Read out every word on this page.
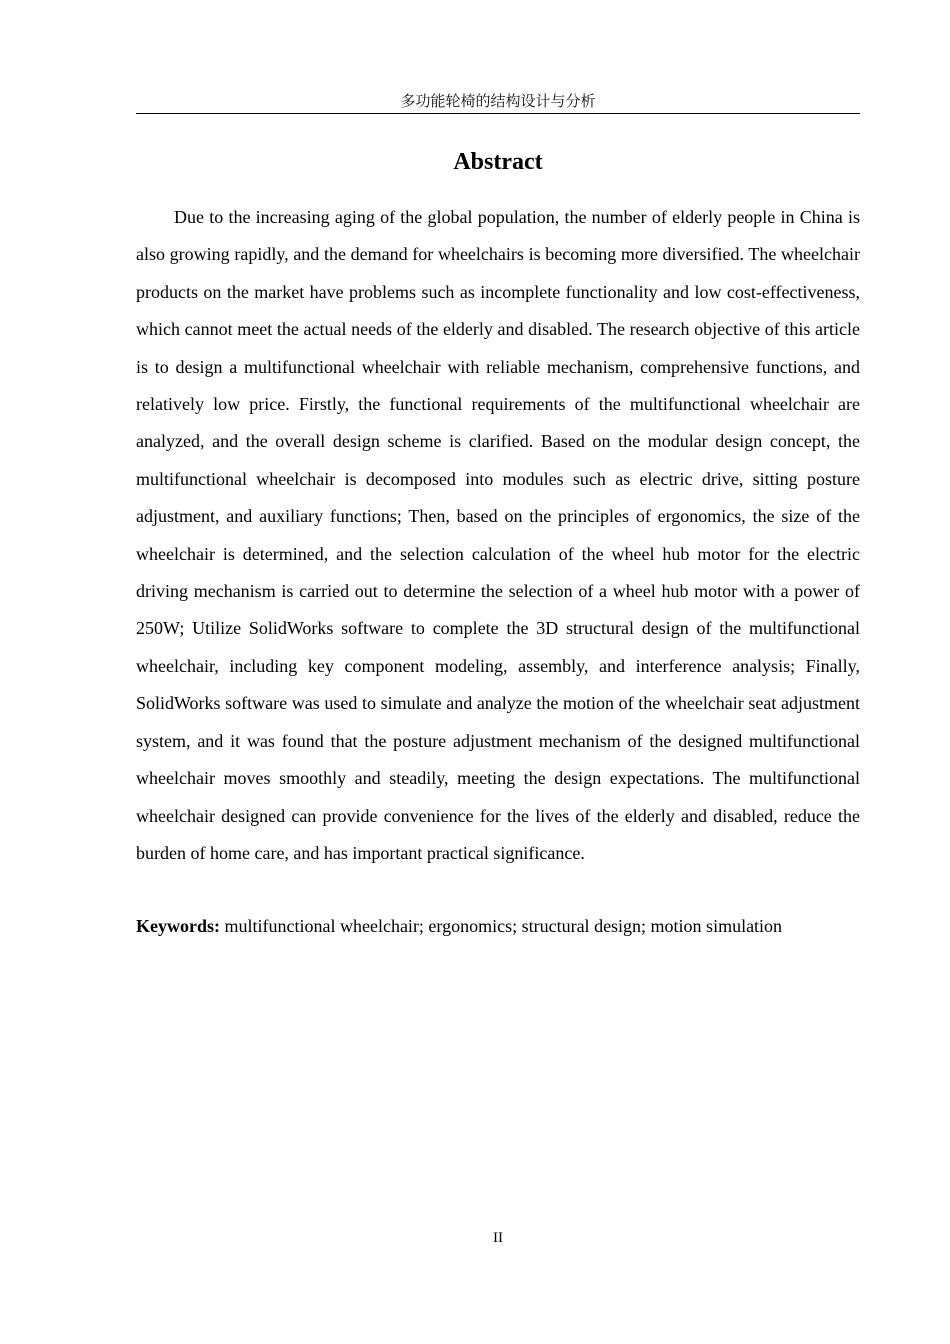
多功能轮椅的结构设计与分析
Abstract

Due to the increasing aging of the global population, the number of elderly people in China is also growing rapidly, and the demand for wheelchairs is becoming more diversified. The wheelchair products on the market have problems such as incomplete functionality and low cost-effectiveness, which cannot meet the actual needs of the elderly and disabled. The research objective of this article is to design a multifunctional wheelchair with reliable mechanism, comprehensive functions, and relatively low price. Firstly, the functional requirements of the multifunctional wheelchair are analyzed, and the overall design scheme is clarified. Based on the modular design concept, the multifunctional wheelchair is decomposed into modules such as electric drive, sitting posture adjustment, and auxiliary functions; Then, based on the principles of ergonomics, the size of the wheelchair is determined, and the selection calculation of the wheel hub motor for the electric driving mechanism is carried out to determine the selection of a wheel hub motor with a power of 250W; Utilize SolidWorks software to complete the 3D structural design of the multifunctional wheelchair, including key component modeling, assembly, and interference analysis; Finally, SolidWorks software was used to simulate and analyze the motion of the wheelchair seat adjustment system, and it was found that the posture adjustment mechanism of the designed multifunctional wheelchair moves smoothly and steadily, meeting the design expectations. The multifunctional wheelchair designed can provide convenience for the lives of the elderly and disabled, reduce the burden of home care, and has important practical significance.

Keywords: multifunctional wheelchair; ergonomics; structural design; motion simulation

II
